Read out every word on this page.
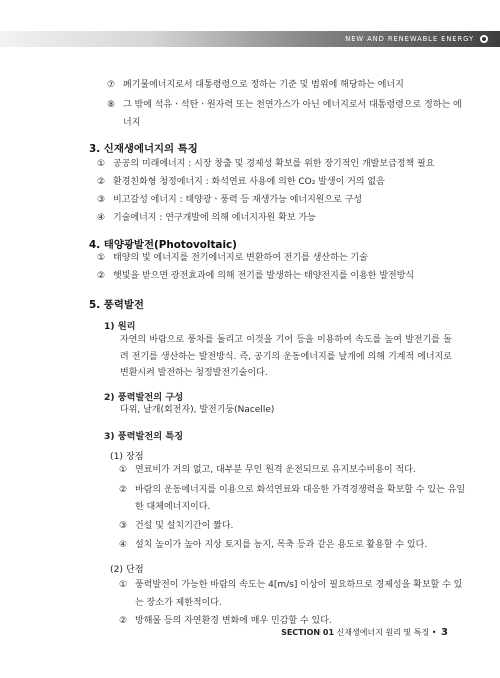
NEW AND RENEWABLE ENERGY
⑦ 폐기물에너지로서 대통령령으로 정하는 기준 및 범위에 해당하는 에너지
⑧ 그 밖에 석유ㆍ석탄ㆍ원자력 또는 천연가스가 아닌 에너지로서 대통령령으로 정하는 에
너지
3. 신재생에너지의 특징
① 공공의 미래에너지 : 시장 창출 및 경제성 확보를 위한 장기적인 개발보급정책 필요
② 환경친화형 청정에너지 : 화석연료 사용에 의한 CO₂ 발생이 거의 없음
③ 비고갈성 에너지 : 태양광ㆍ풍력 등 재생가능 에너지원으로 구성
④ 기술에너지 : 연구개발에 의해 에너지자원 확보 가능
4. 태양광발전(Photovoltaic)
① 태양의 빛 에너지를 전기에너지로 변환하여 전기를 생산하는 기술
② 햇빛을 받으면 광전효과에 의해 전기를 발생하는 태양전지를 이용한 발전방식
5. 풍력발전
1) 원리
자연의 바람으로 풍차를 돌리고 이것을 기어 등을 이용하여 속도를 높여 발전기를 돌려 전기를 생산하는 발전방식. 즉, 공기의 운동에너지를 날개에 의해 기계적 에너지로 변환시켜 발전하는 청정발전기술이다.
2) 풍력발전의 구성
다위, 날개(회전자), 발전기둥(Nacelle)
3) 풍력발전의 특징
(1) 장점
① 연료비가 거의 없고, 대부분 무인 원격 운전되므로 유지보수비용이 적다.
② 바람의 운동에너지를 이용으로 화석연료와 대응한 가격경쟁력을 확보할 수 있는 유일
한 대체에너지이다.
③ 건설 및 설치기간이 짧다.
④ 설치 높이가 높아 지상 토지를 농지, 목축 등과 같은 용도로 활용할 수 있다.
(2) 단점
① 풍력발전이 가능한 바람의 속도는 4[m/s] 이상이 필요하므로 경제성을 확보할 수 있
는 장소가 제한적이다.
② 방해물 등의 자연환경 변화에 매우 민감할 수 있다.
SECTION 01 신재생에너지 원리 및 특징 • 3
